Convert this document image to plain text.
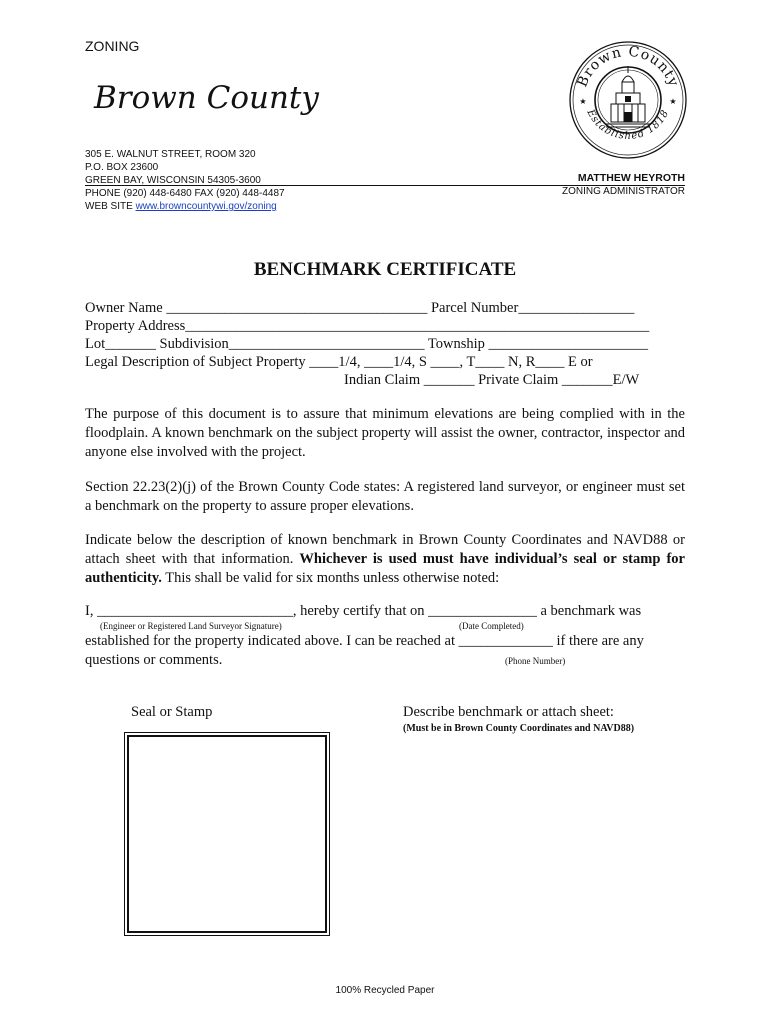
ZONING
Brown County	Brown County
Established 1818
★	★
305 E. WALNUT STREET, ROOM 320
P.O. BOX 23600
GREEN BAY, WISCONSIN 54305-3600
PHONE (920) 448-6480 FAX (920) 448-4487
WEB SITE www.browncountywi.gov/zoning
MATTHEW HEYROTH
ZONING ADMINISTRATOR
BENCHMARK CERTIFICATE
Owner Name ____________________________________ Parcel Number________________
Property Address________________________________________________________________
Lot_______ Subdivision___________________________ Township ______________________
Legal Description of Subject Property ____1/4, ____1/4, S ____, T____ N, R____ E or
Indian Claim _______ Private Claim _______E/W
The purpose of this document is to assure that minimum elevations are being complied with in the floodplain. A known benchmark on the subject property will assist the owner, contractor, inspector and anyone else involved with the project.
Section 22.23(2)(j) of the Brown County Code states: A registered land surveyor, or engineer must set a benchmark on the property to assure proper elevations.
Indicate below the description of known benchmark in Brown County Coordinates and NAVD88 or attach sheet with that information. Whichever is used must have individual’s seal or stamp for authenticity. This shall be valid for six months unless otherwise noted:
I, ___________________________, hereby certify that on _______________ a benchmark was
(Engineer or Registered Land Surveyor Signature)	(Date Completed)
established for the property indicated above. I can be reached at _____________ if there are any
questions or comments.	(Phone Number)
Seal or Stamp	Describe benchmark or attach sheet:
(Must be in Brown County Coordinates and NAVD88)
100% Recycled Paper
